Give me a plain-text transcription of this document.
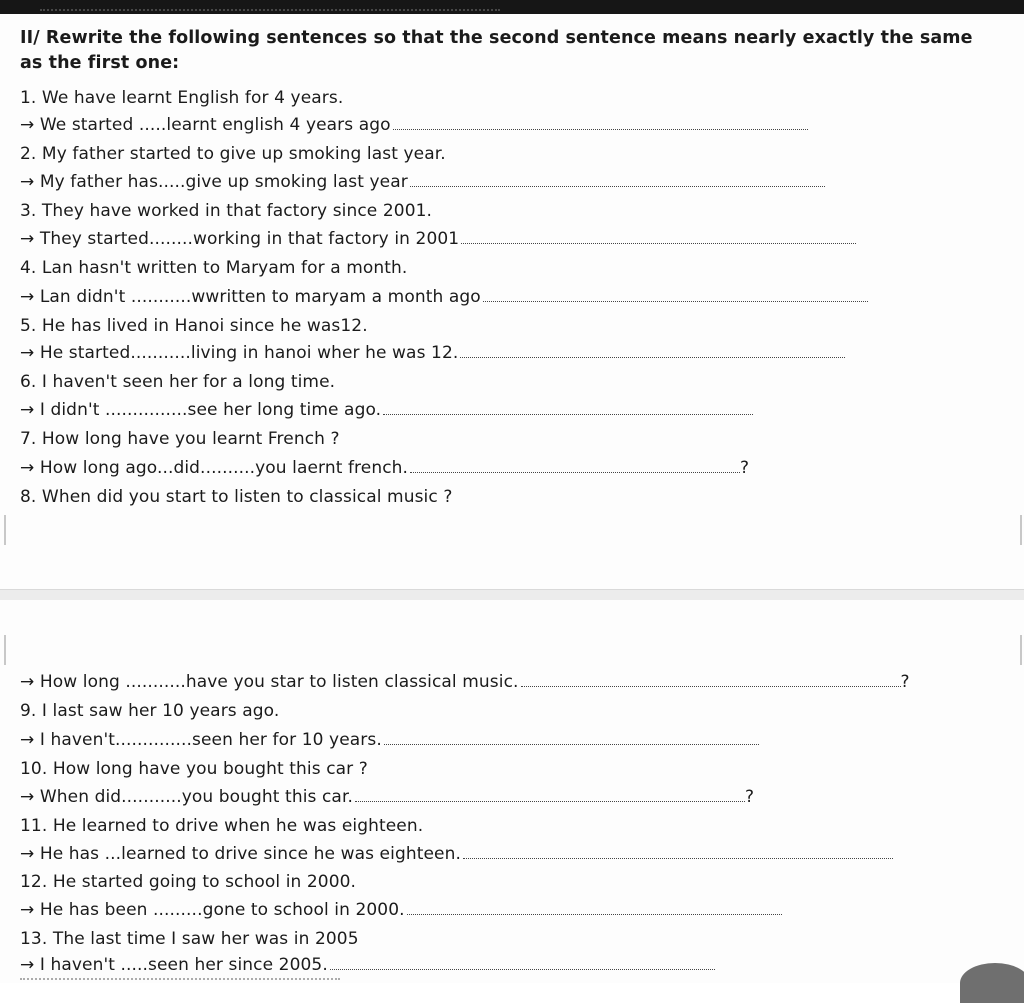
II/ Rewrite the following sentences so that the second sentence means nearly exactly the same
as the first one:
1. We have learnt English for 4 years.
→ We started .....learnt english 4 years ago
2. My father started to give up smoking last year.
→ My father has.....give up smoking last year
3. They have worked in that factory since 2001.
→ They started........working in that factory in 2001
4. Lan hasn't written to Maryam for a month.
→ Lan didn't ...........wwritten to maryam a month ago
5. He has lived in Hanoi since he was12.
→ He started...........living in hanoi wher he was 12.
6. I haven't seen her for a long time.
→ I didn't ...............see her long time ago.
7. How long have you learnt French ?
→ How long ago...did..........you laernt french.	?
8. When did you start to listen to classical music ?
→ How long ...........have you star to listen classical music.	?
9. I last saw her 10 years ago.
→ I haven't..............seen her for 10 years.
10. How long have you bought this car ?
→ When did...........you bought this car.	?
11. He learned to drive when he was eighteen.
→ He has ...learned to drive since he was eighteen.
12. He started going to school in 2000.
→ He has been .........gone to school in 2000.
13. The last time I saw her was in 2005
→ I haven't .....seen her since 2005.
